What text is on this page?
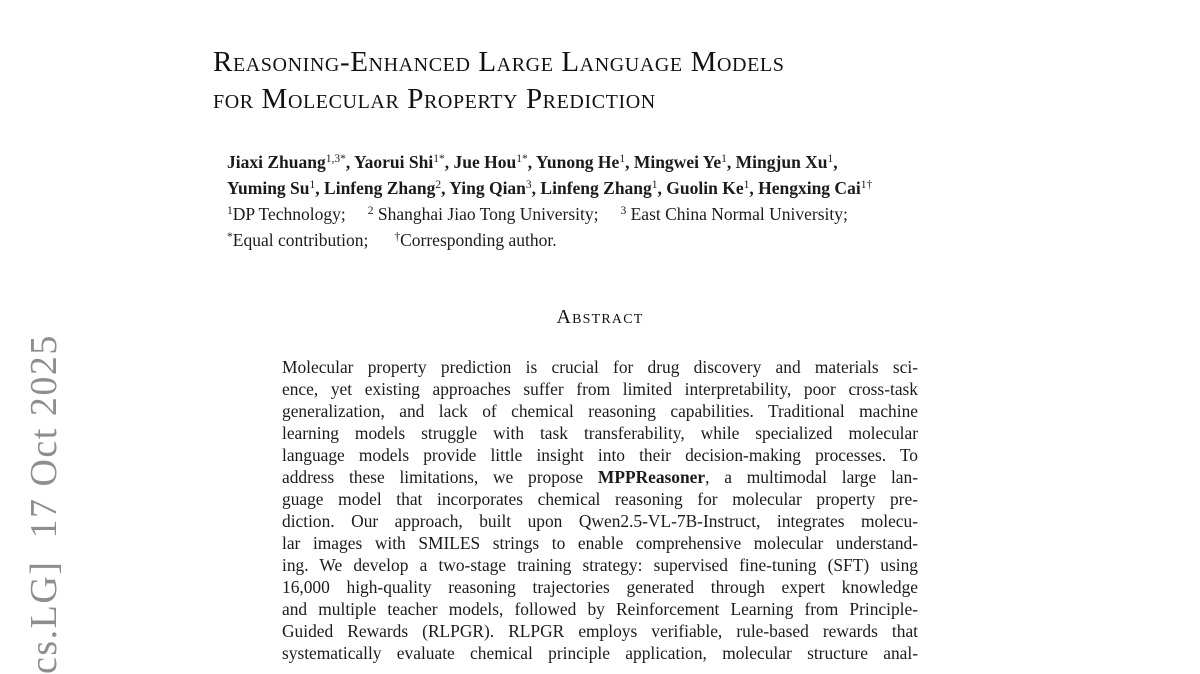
cs.LG]  17 Oct 2025
Reasoning-Enhanced Large Language Models
for Molecular Property Prediction
Jiaxi Zhuang$^{1,3*}$, Yaorui Shi$^{1*}$, Jue Hou$^{1*}$, Yunong He$^1$, Mingwei Ye$^1$, Mingjun Xu$^1$,
Yuming Su$^1$, Linfeng Zhang$^2$, Ying Qian$^3$, Linfeng Zhang$^1$, Guolin Ke$^1$, Hengxing Cai$^{1\dagger}$
$^1$DP Technology; $^2$ Shanghai Jiao Tong University; $^3$ East China Normal University;
*Equal contribution; †Corresponding author.
Abstract
Molecular property prediction is crucial for drug discovery and materials sci-
ence, yet existing approaches suffer from limited interpretability, poor cross-task
generalization, and lack of chemical reasoning capabilities. Traditional machine
learning models struggle with task transferability, while specialized molecular
language models provide little insight into their decision-making processes. To
address these limitations, we propose MPPReasoner, a multimodal large lan-
guage model that incorporates chemical reasoning for molecular property pre-
diction. Our approach, built upon Qwen2.5-VL-7B-Instruct, integrates molecu-
lar images with SMILES strings to enable comprehensive molecular understand-
ing. We develop a two-stage training strategy: supervised fine-tuning (SFT) using
16,000 high-quality reasoning trajectories generated through expert knowledge
and multiple teacher models, followed by Reinforcement Learning from Principle-
Guided Rewards (RLPGR). RLPGR employs verifiable, rule-based rewards that
systematically evaluate chemical principle application, molecular structure anal-
